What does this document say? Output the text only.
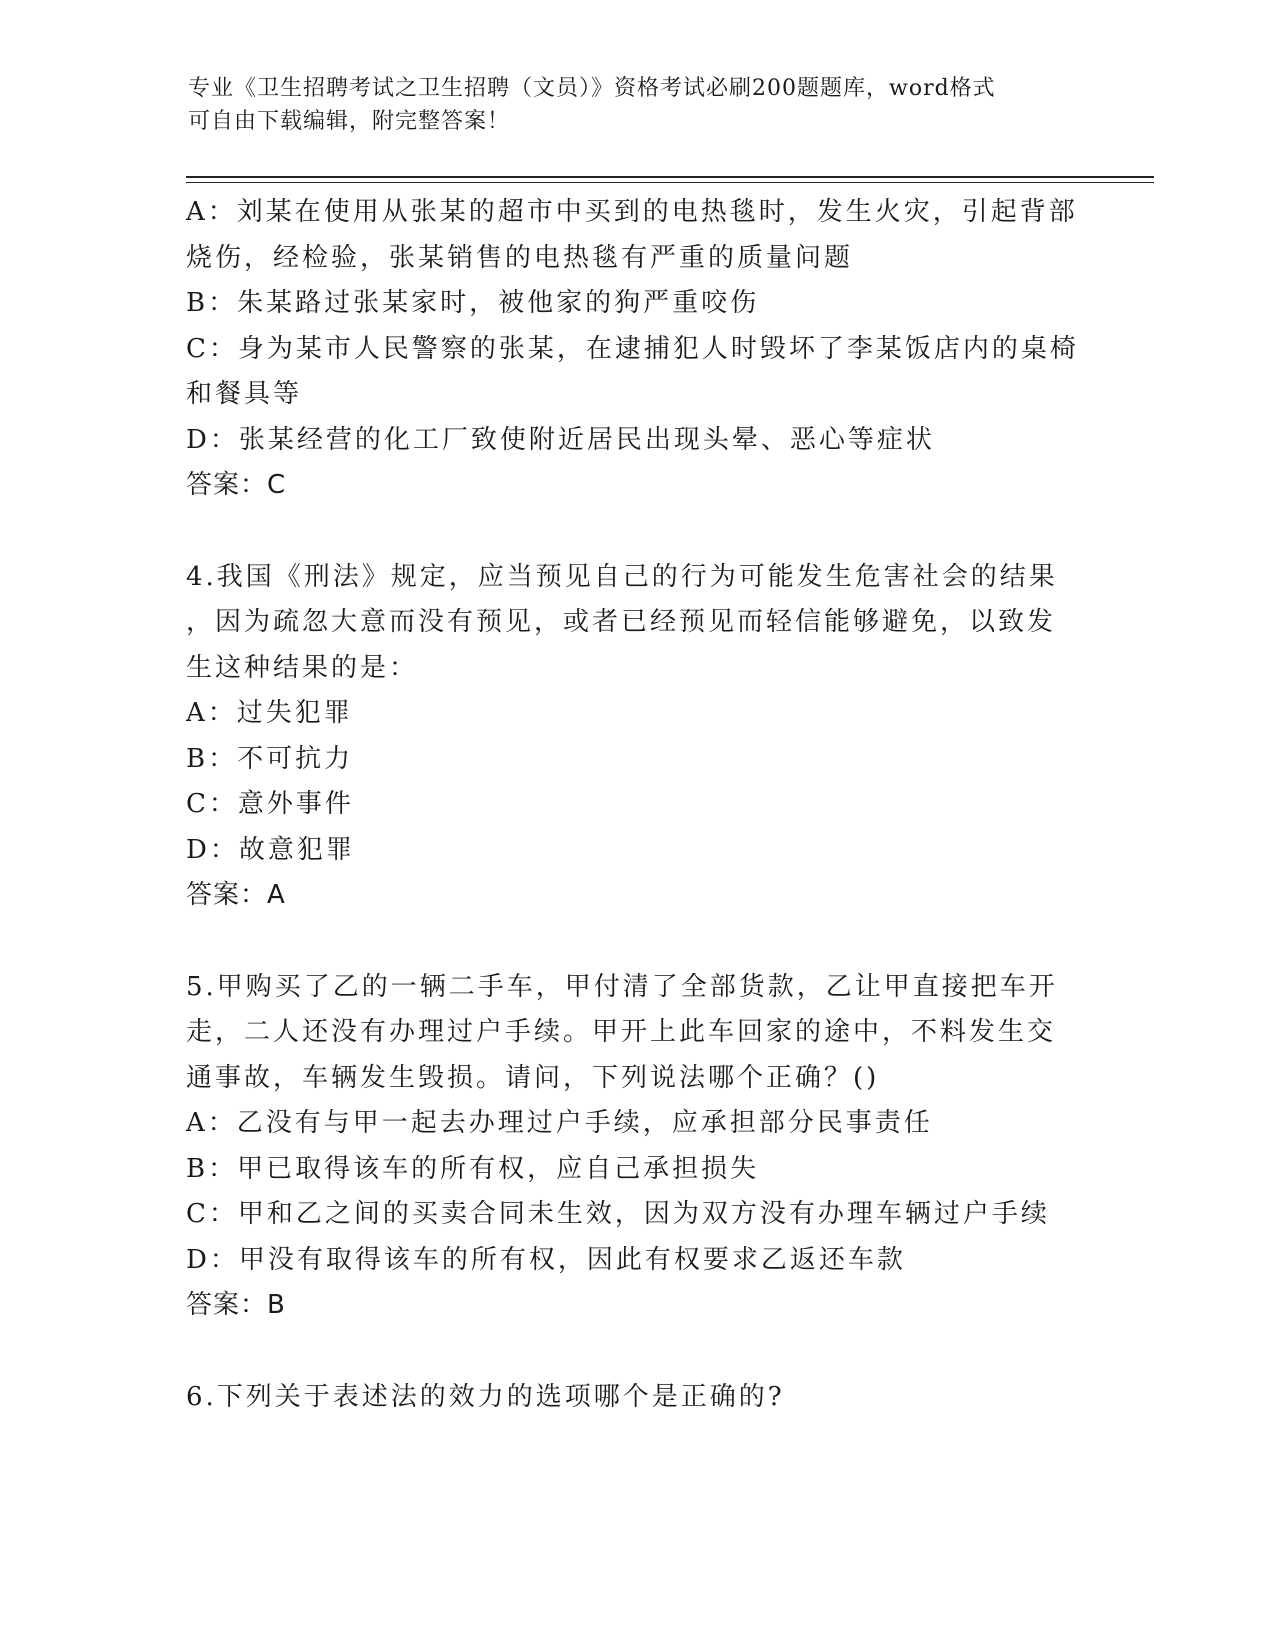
专业《卫生招聘考试之卫生招聘（文员）》资格考试必刷200题题库，word格式
可自由下载编辑，附完整答案！
A：刘某在使用从张某的超市中买到的电热毯时，发生火灾，引起背部
烧伤，经检验，张某销售的电热毯有严重的质量问题
B：朱某路过张某家时，被他家的狗严重咬伤
C：身为某市人民警察的张某，在逮捕犯人时毁坏了李某饭店内的桌椅
和餐具等
D：张某经营的化工厂致使附近居民出现头晕、恶心等症状
答案：C
4.我国《刑法》规定，应当预见自己的行为可能发生危害社会的结果
，因为疏忽大意而没有预见，或者已经预见而轻信能够避免，以致发
生这种结果的是：
A：过失犯罪
B：不可抗力
C：意外事件
D：故意犯罪
答案：A
5.甲购买了乙的一辆二手车，甲付清了全部货款，乙让甲直接把车开
走，二人还没有办理过户手续。甲开上此车回家的途中，不料发生交
通事故，车辆发生毁损。请问，下列说法哪个正确？()
A：乙没有与甲一起去办理过户手续，应承担部分民事责任
B：甲已取得该车的所有权，应自己承担损失
C：甲和乙之间的买卖合同未生效，因为双方没有办理车辆过户手续
D：甲没有取得该车的所有权，因此有权要求乙返还车款
答案：B
6.下列关于表述法的效力的选项哪个是正确的?
